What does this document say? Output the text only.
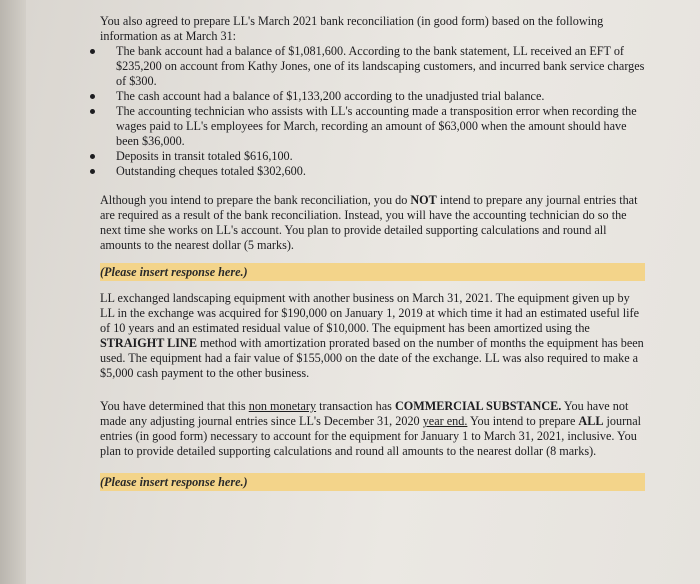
You also agreed to prepare LL's March 2021 bank reconciliation (in good form) based on the following information as at March 31:

The bank account had a balance of $1,081,600. According to the bank statement, LL received an EFT of $235,200 on account from Kathy Jones, one of its landscaping customers, and incurred bank service charges of $300.
The cash account had a balance of $1,133,200 according to the unadjusted trial balance.
The accounting technician who assists with LL's accounting made a transposition error when recording the wages paid to LL's employees for March, recording an amount of $63,000 when the amount should have been $36,000.
Deposits in transit totaled $616,100.
Outstanding cheques totaled $302,600.

Although you intend to prepare the bank reconciliation, you do NOT intend to prepare any journal entries that are required as a result of the bank reconciliation. Instead, you will have the accounting technician do so the next time she works on LL's account. You plan to provide detailed supporting calculations and round all amounts to the nearest dollar (5 marks).

(Please insert response here.)

LL exchanged landscaping equipment with another business on March 31, 2021. The equipment given up by LL in the exchange was acquired for $190,000 on January 1, 2019 at which time it had an estimated useful life of 10 years and an estimated residual value of $10,000. The equipment has been amortized using the STRAIGHT LINE method with amortization prorated based on the number of months the equipment has been used. The equipment had a fair value of $155,000 on the date of the exchange. LL was also required to make a $5,000 cash payment to the other business.

You have determined that this non monetary transaction has COMMERCIAL SUBSTANCE. You have not made any adjusting journal entries since LL's December 31, 2020 year end. You intend to prepare ALL journal entries (in good form) necessary to account for the equipment for January 1 to March 31, 2021, inclusive. You plan to provide detailed supporting calculations and round all amounts to the nearest dollar (8 marks).

(Please insert response here.)
